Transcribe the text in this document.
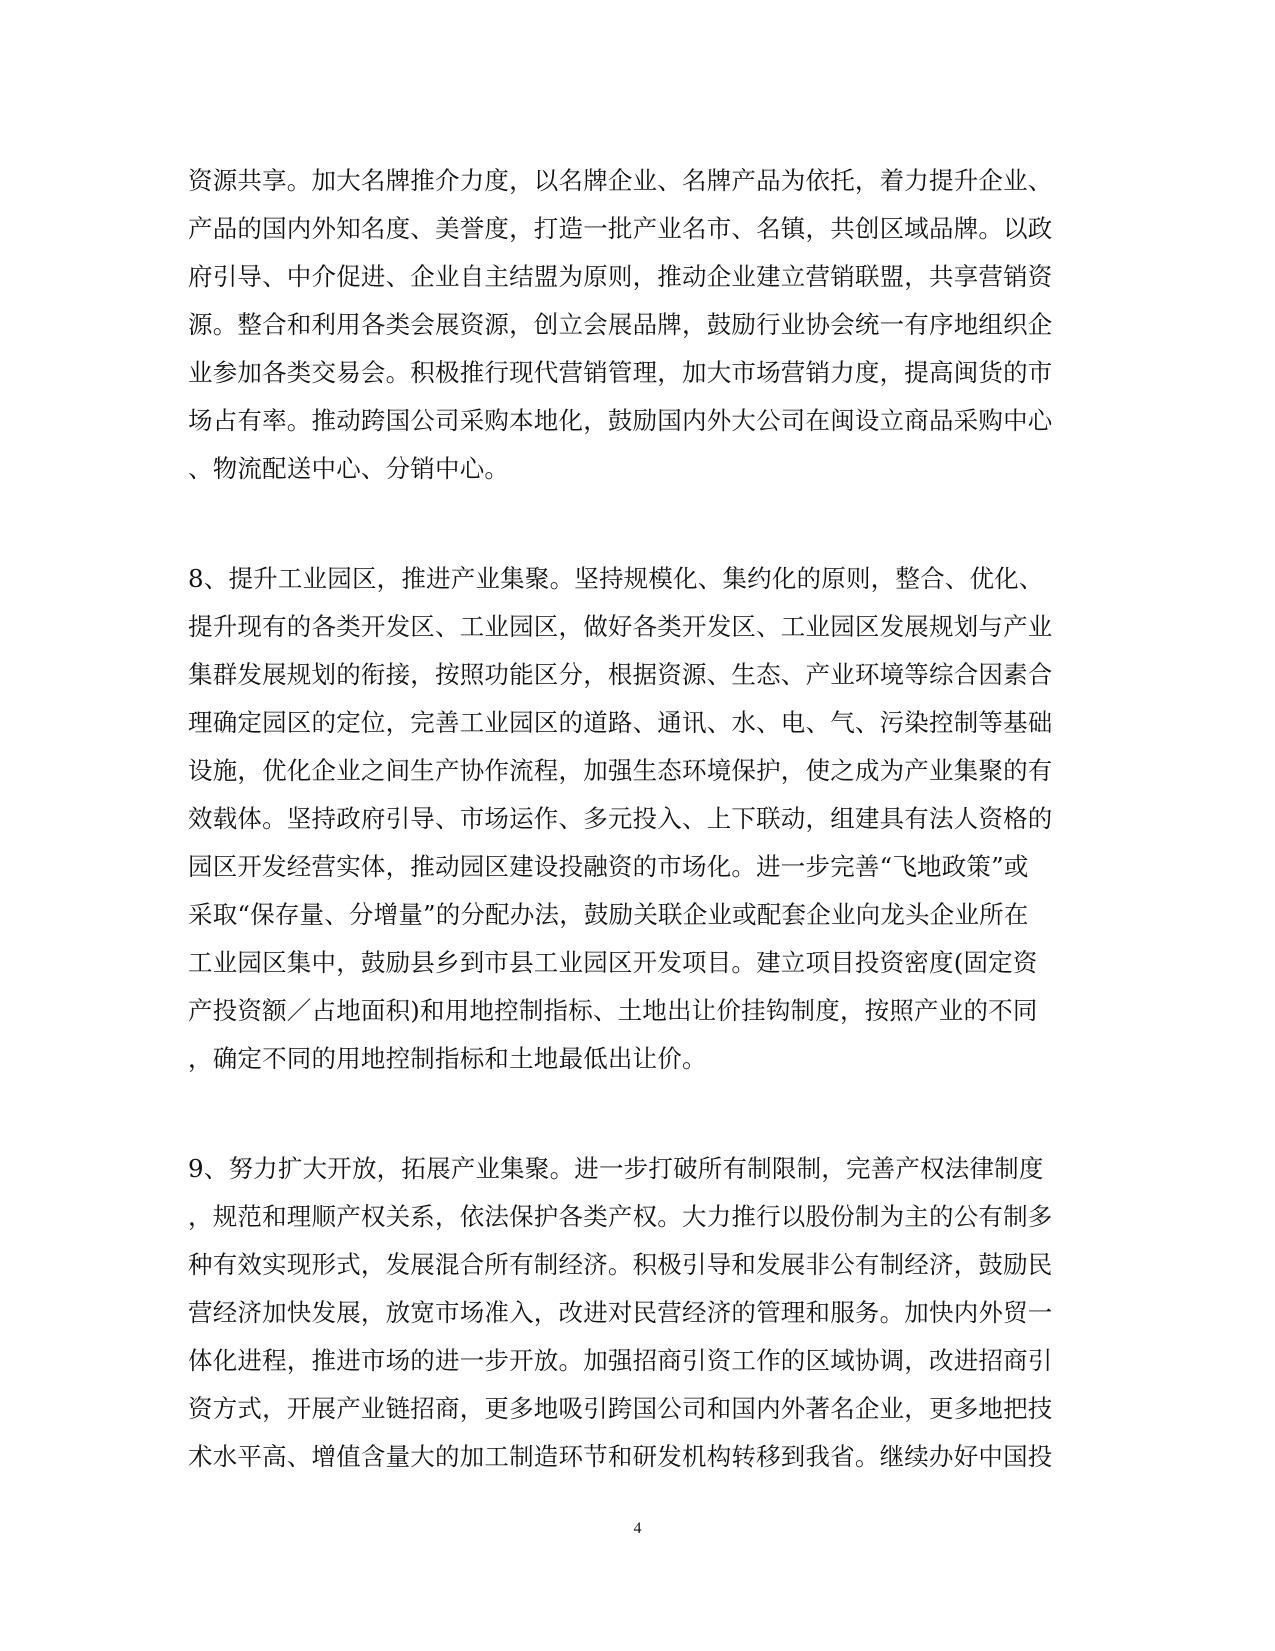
资源共享。加大名牌推介力度，以名牌企业、名牌产品为依托，着力提升企业、
产品的国内外知名度、美誉度，打造一批产业名市、名镇，共创区域品牌。以政
府引导、中介促进、企业自主结盟为原则，推动企业建立营销联盟，共享营销资
源。整合和利用各类会展资源，创立会展品牌，鼓励行业协会统一有序地组织企
业参加各类交易会。积极推行现代营销管理，加大市场营销力度，提高闽货的市
场占有率。推动跨国公司采购本地化，鼓励国内外大公司在闽设立商品采购中心
、物流配送中心、分销中心。
8、提升工业园区，推进产业集聚。坚持规模化、集约化的原则，整合、优化、
提升现有的各类开发区、工业园区，做好各类开发区、工业园区发展规划与产业
集群发展规划的衔接，按照功能区分，根据资源、生态、产业环境等综合因素合
理确定园区的定位，完善工业园区的道路、通讯、水、电、气、污染控制等基础
设施，优化企业之间生产协作流程，加强生态环境保护，使之成为产业集聚的有
效载体。坚持政府引导、市场运作、多元投入、上下联动，组建具有法人资格的
园区开发经营实体，推动园区建设投融资的市场化。进一步完善“飞地政策”或
采取“保存量、分增量”的分配办法，鼓励关联企业或配套企业向龙头企业所在
工业园区集中，鼓励县乡到市县工业园区开发项目。建立项目投资密度(固定资
产投资额／占地面积)和用地控制指标、土地出让价挂钩制度，按照产业的不同
，确定不同的用地控制指标和土地最低出让价。
9、努力扩大开放，拓展产业集聚。进一步打破所有制限制，完善产权法律制度
，规范和理顺产权关系，依法保护各类产权。大力推行以股份制为主的公有制多
种有效实现形式，发展混合所有制经济。积极引导和发展非公有制经济，鼓励民
营经济加快发展，放宽市场准入，改进对民营经济的管理和服务。加快内外贸一
体化进程，推进市场的进一步开放。加强招商引资工作的区域协调，改进招商引
资方式，开展产业链招商，更多地吸引跨国公司和国内外著名企业，更多地把技
术水平高、增值含量大的加工制造环节和研发机构转移到我省。继续办好中国投
4
